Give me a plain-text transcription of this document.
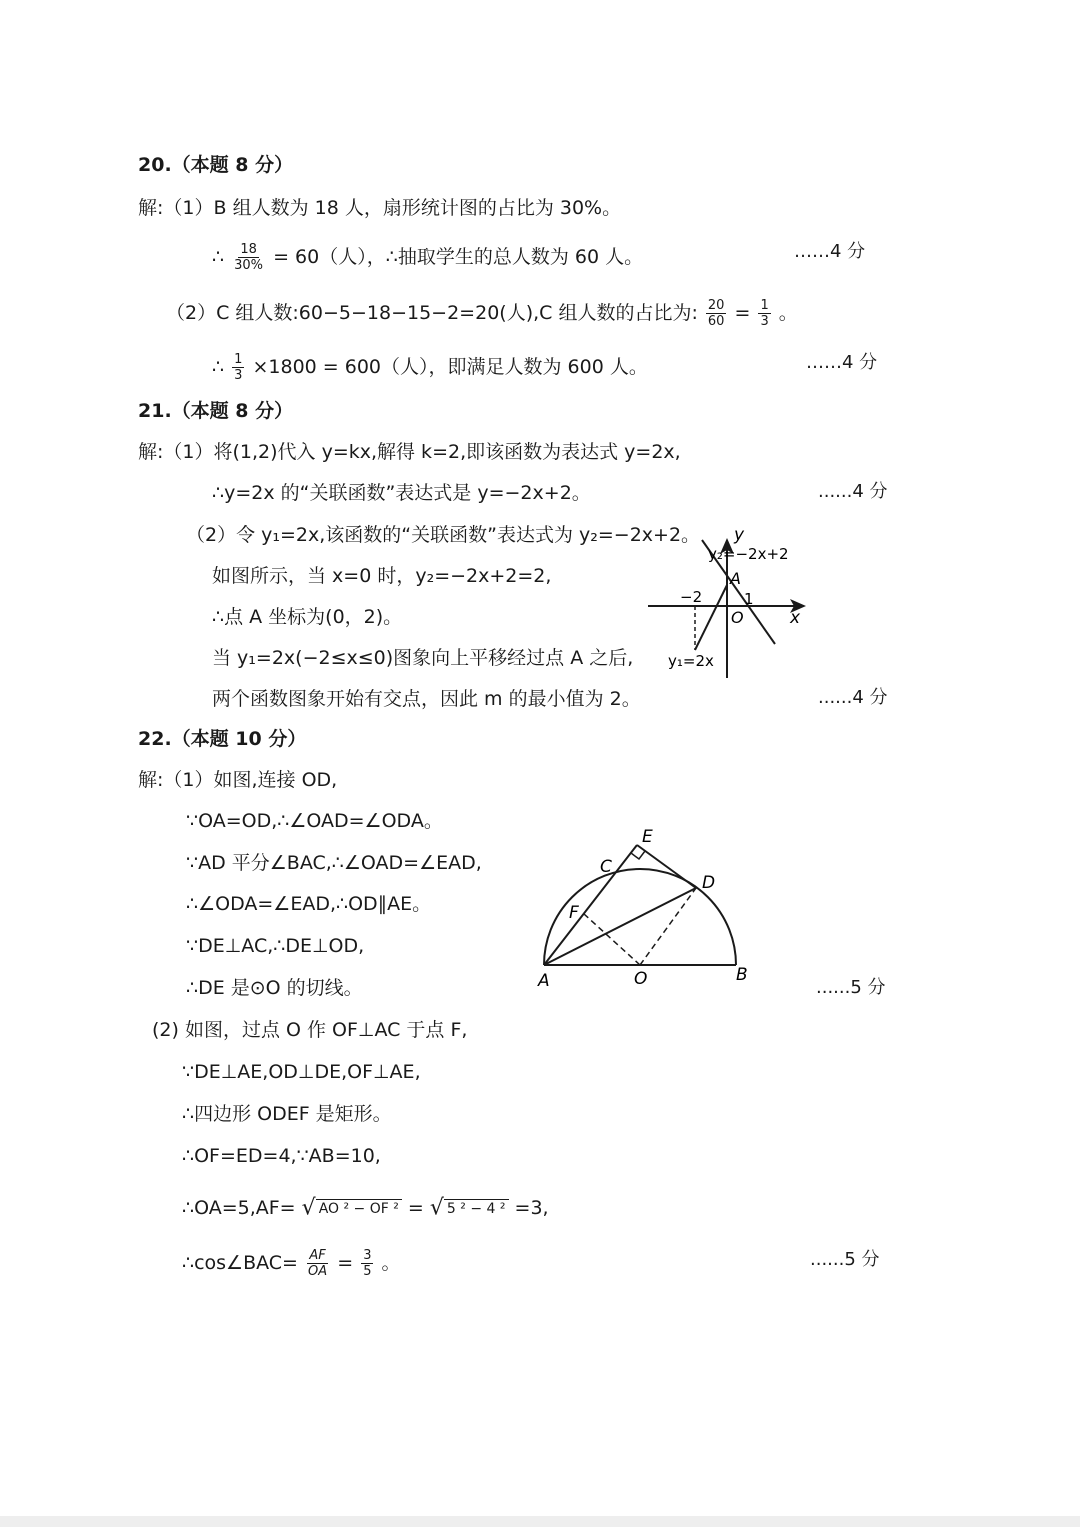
20.（本题 8 分）
解:（1）B 组人数为 18 人，扇形统计图的占比为 30%。
∴ $\frac{18}{30\%} = 60$（人），∴抽取学生的总人数为 60 人。	……4 分
（2）C 组人数:60−5−18−15−2=20(人),C 组人数的占比为: $\frac{20}{60} = \frac{1}{3}$ 。
∴ $\frac{1}{3} \times 1800 = 600$（人），即满足人数为 600 人。	……4 分
21.（本题 8 分）
解:（1）将(1,2)代入 y=kx,解得 k=2,即该函数为表达式 y=2x,
∴y=2x 的“关联函数”表达式是 y=−2x+2。	......4 分
（2）令 y₁=2x,该函数的“关联函数”表达式为 y₂=−2x+2。
如图所示，当 x=0 时，y₂=−2x+2=2,
∴点 A 坐标为(0，2)。
当 y₁=2x(−2≤x≤0)图象向上平移经过点 A 之后,
两个函数图象开始有交点，因此 m 的最小值为 2。	......4 分
y
x
O
A
−2	1
y₂=−2x+2
y₁=2x
22.（本题 10 分）
解:（1）如图,连接 OD,
∵OA=OD,∴∠OAD=∠ODA。
∵AD 平分∠BAC,∴∠OAD=∠EAD,
∴∠ODA=∠EAD,∴OD∥AE。
∵DE⊥AC,∴DE⊥OD,
∴DE 是⊙O 的切线。	......5 分
A	B
C
D
E
F
O
(2) 如图，过点 O 作 OF⊥AC 于点 F,
∵DE⊥AE,OD⊥DE,OF⊥AE,
∴四边形 ODEF 是矩形。
∴OF=ED=4,∵AB=10,
∴OA=5,AF= √ AO ² − OF ² = √ 5 ² − 4 ² =3,
∴cos∠BAC= $\frac{AF}{OA} = \frac{3}{5}$ 。	......5 分
